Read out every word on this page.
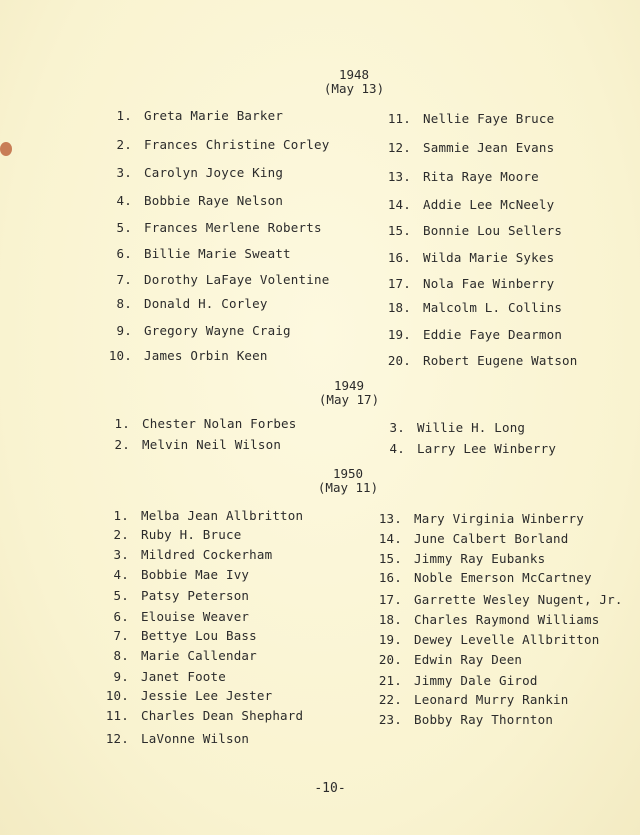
1948
(May 13)
1. Greta Marie Barker
2. Frances Christine Corley
3. Carolyn Joyce King
4. Bobbie Raye Nelson
5. Frances Merlene Roberts
6. Billie Marie Sweatt
7. Dorothy LaFaye Volentine
8. Donald H. Corley
9. Gregory Wayne Craig
10. James Orbin Keen
11. Nellie Faye Bruce
12. Sammie Jean Evans
13. Rita Raye Moore
14. Addie Lee McNeely
15. Bonnie Lou Sellers
16. Wilda Marie Sykes
17. Nola Fae Winberry
18. Malcolm L. Collins
19. Eddie Faye Dearmon
20. Robert Eugene Watson
1949
(May 17)
1. Chester Nolan Forbes
2. Melvin Neil Wilson
3. Willie H. Long
4. Larry Lee Winberry
1950
(May 11)
1. Melba Jean Allbritton
2. Ruby H. Bruce
3. Mildred Cockerham
4. Bobbie Mae Ivy
5. Patsy Peterson
6. Elouise Weaver
7. Bettye Lou Bass
8. Marie Callendar
9. Janet Foote
10. Jessie Lee Jester
11. Charles Dean Shephard
12. LaVonne Wilson
13. Mary Virginia Winberry
14. June Calbert Borland
15. Jimmy Ray Eubanks
16. Noble Emerson McCartney
17. Garrette Wesley Nugent, Jr.
18. Charles Raymond Williams
19. Dewey Levelle Allbritton
20. Edwin Ray Deen
21. Jimmy Dale Girod
22. Leonard Murry Rankin
23. Bobby Ray Thornton
-10-
